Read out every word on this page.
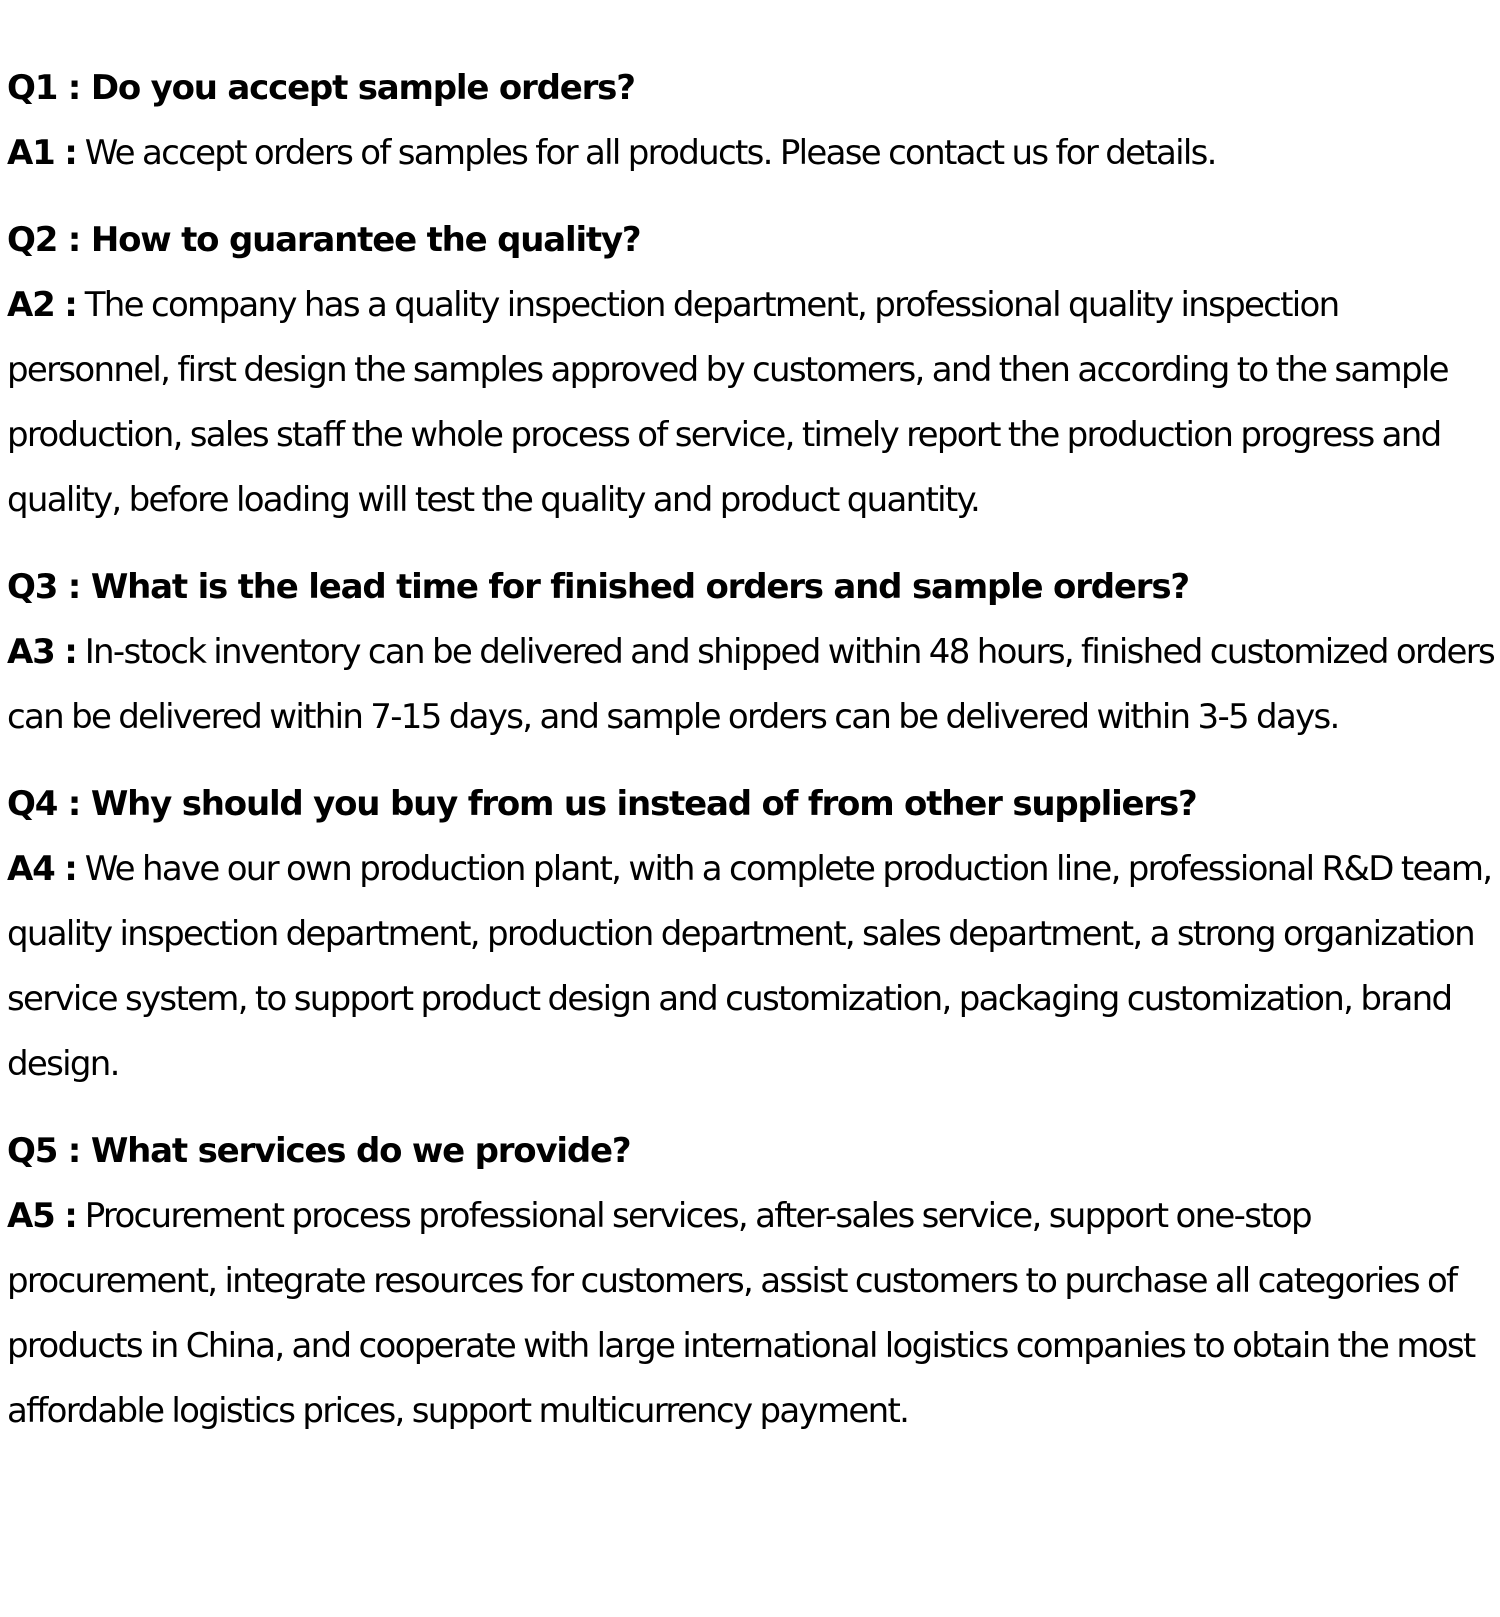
Q1 : Do you accept sample orders?

A1 : We accept orders of samples for all products. Please contact us for details.

Q2 : How to guarantee the quality?

A2 : The company has a quality inspection department, professional quality inspection personnel, first design the samples approved by customers, and then according to the sample production, sales staff the whole process of service, timely report the production progress and quality, before loading will test the quality and product quantity.

Q3 : What is the lead time for finished orders and sample orders?

A3 : In-stock inventory can be delivered and shipped within 48 hours, finished customized orders can be delivered within 7-15 days, and sample orders can be delivered within 3-5 days.

Q4 : Why should you buy from us instead of from other suppliers?

A4 : We have our own production plant, with a complete production line, professional R&D team, quality inspection department, production department, sales department, a strong organization service system, to support product design and customization, packaging customization, brand design.

Q5 : What services do we provide?

A5 : Procurement process professional services, after-sales service, support one-stop procurement, integrate resources for customers, assist customers to purchase all categories of products in China, and cooperate with large international logistics companies to obtain the most affordable logistics prices, support multicurrency payment.
